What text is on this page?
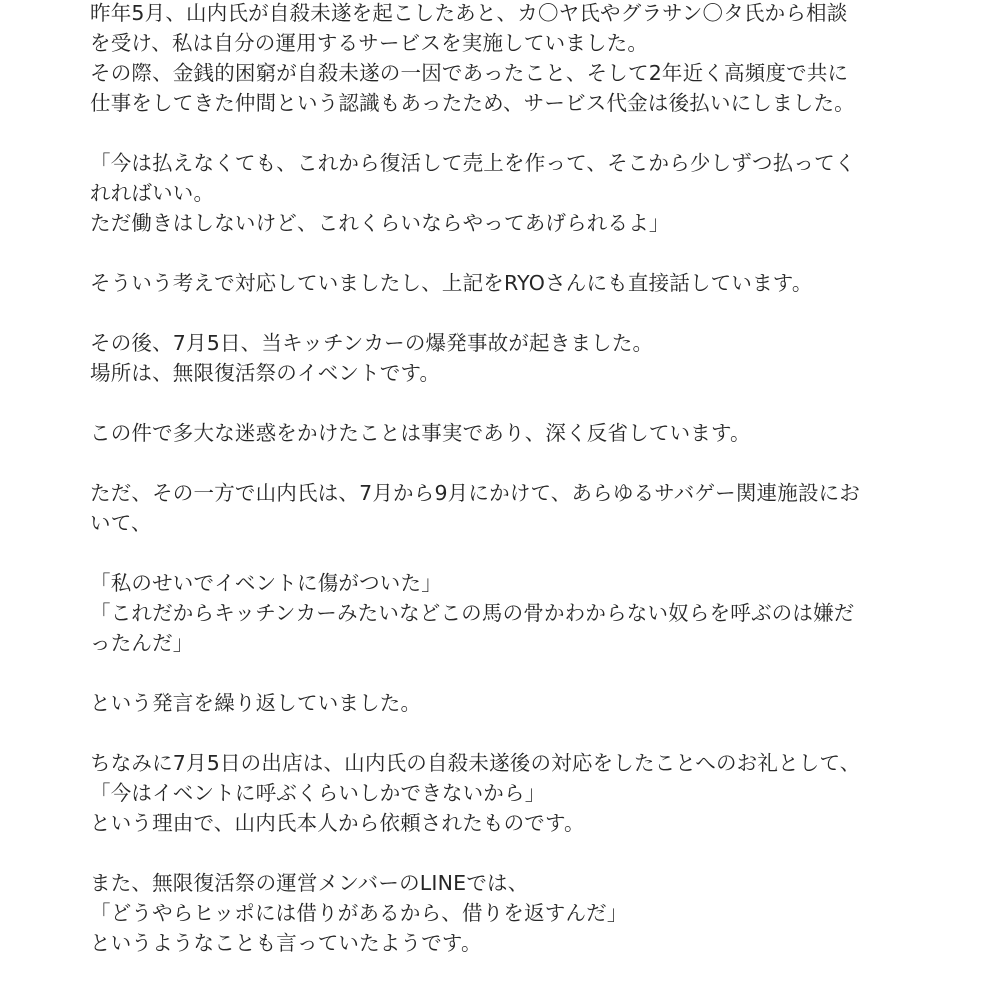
昨年5月、山内氏が自殺未遂を起こしたあと、カ〇ヤ氏やグラサン〇タ氏から相談
を受け、私は自分の運用するサービスを実施していました。
その際、金銭的困窮が自殺未遂の一因であったこと、そして2年近く高頻度で共に
仕事をしてきた仲間という認識もあったため、サービス代金は後払いにしました。
「今は払えなくても、これから復活して売上を作って、そこから少しずつ払ってく
れればいい。
ただ働きはしないけど、これくらいならやってあげられるよ」
そういう考えで対応していましたし、上記をRYOさんにも直接話しています。
その後、7月5日、当キッチンカーの爆発事故が起きました。
場所は、無限復活祭のイベントです。
この件で多大な迷惑をかけたことは事実であり、深く反省しています。
ただ、その一方で山内氏は、7月から9月にかけて、あらゆるサバゲー関連施設にお
いて、
「私のせいでイベントに傷がついた」
「これだからキッチンカーみたいなどこの馬の骨かわからない奴らを呼ぶのは嫌だ
ったんだ」
という発言を繰り返していました。
ちなみに7月5日の出店は、山内氏の自殺未遂後の対応をしたことへのお礼として、
「今はイベントに呼ぶくらいしかできないから」
という理由で、山内氏本人から依頼されたものです。
また、無限復活祭の運営メンバーのLINEでは、
「どうやらヒッポには借りがあるから、借りを返すんだ」
というようなことも言っていたようです。
